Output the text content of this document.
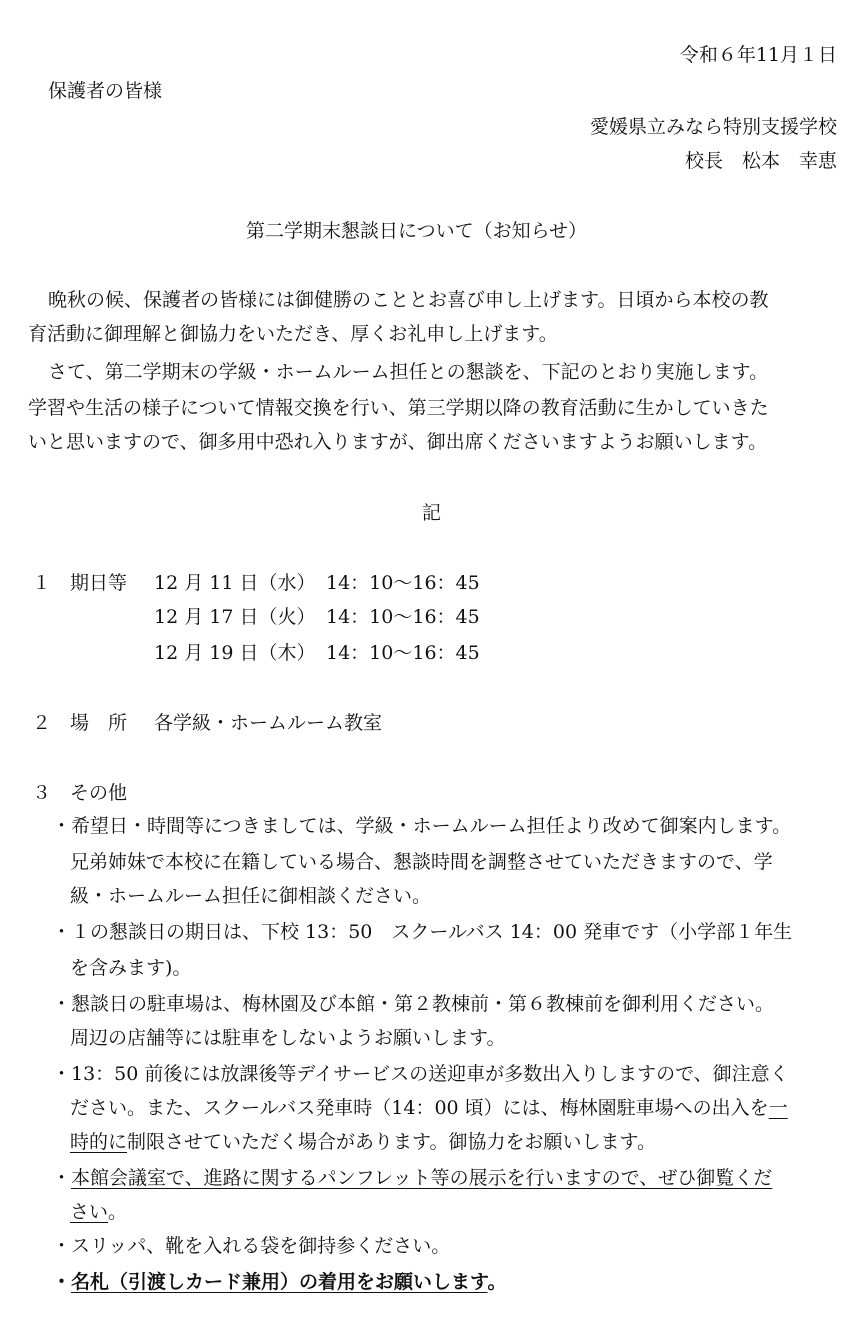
令和６年11月１日
保護者の皆様
愛媛県立みなら特別支援学校
校長　松本　幸恵
第二学期末懇談日について（お知らせ）
晩秋の候、保護者の皆様には御健勝のこととお喜び申し上げます。日頃から本校の教
育活動に御理解と御協力をいただき、厚くお礼申し上げます。
さて、第二学期末の学級・ホームルーム担任との懇談を、下記のとおり実施します。
学習や生活の様子について情報交換を行い、第三学期以降の教育活動に生かしていきた
いと思いますので、御多用中恐れ入りますが、御出席くださいますようお願いします。
記
１ 期日等 12 月 11 日（水） 14：10～16：45
12 月 17 日（火） 14：10～16：45
12 月 19 日（木） 14：10～16：45
２ 場　所 各学級・ホームルーム教室
３ その他
・希望日・時間等につきましては、学級・ホームルーム担任より改めて御案内します。
兄弟姉妹で本校に在籍している場合、懇談時間を調整させていただきますので、学
級・ホームルーム担任に御相談ください。
・１の懇談日の期日は、下校 13：50　スクールバス 14：00 発車です（小学部１年生
を含みます)。
・懇談日の駐車場は、梅林園及び本館・第２教棟前・第６教棟前を御利用ください。
周辺の店舗等には駐車をしないようお願いします。
・13：50 前後には放課後等デイサービスの送迎車が多数出入りしますので、御注意く
ださい。また、スクールバス発車時（14：00 頃）には、梅林園駐車場への出入を一
時的に制限させていただく場合があります。御協力をお願いします。
・本館会議室で、進路に関するパンフレット等の展示を行いますので、ぜひ御覧くだ
さい。
・スリッパ、靴を入れる袋を御持参ください。
・名札（引渡しカード兼用）の着用をお願いします。
